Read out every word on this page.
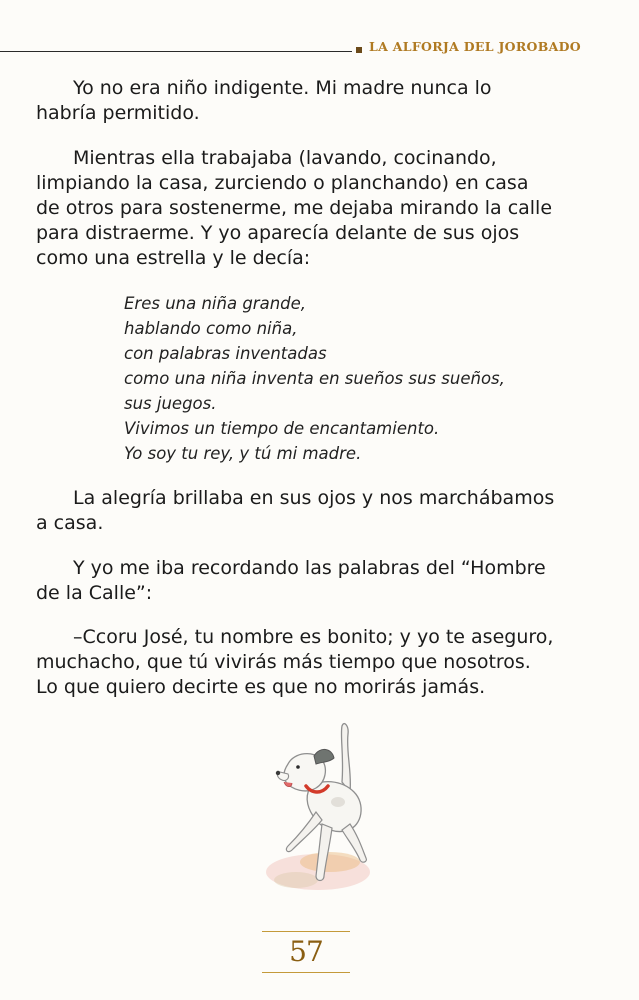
LA ALFORJA DEL JOROBADO

Yo no era niño indigente. Mi madre nunca lo
habría permitido.

Mientras ella trabajaba (lavando, cocinando,
limpiando la casa, zurciendo o planchando) en casa
de otros para sostenerme, me dejaba mirando la calle
para distraerme. Y yo aparecía delante de sus ojos
como una estrella y le decía:

Eres una niña grande,
hablando como niña,
con palabras inventadas
como una niña inventa en sueños sus sueños,
sus juegos.
Vivimos un tiempo de encantamiento.
Yo soy tu rey, y tú mi madre.

La alegría brillaba en sus ojos y nos marchábamos
a casa.

Y yo me iba recordando las palabras del “Hombre
de la Calle”:

–Ccoru José, tu nombre es bonito; y yo te aseguro,
muchacho, que tú vivirás más tiempo que nosotros.
Lo que quiero decirte es que no morirás jamás.

57
